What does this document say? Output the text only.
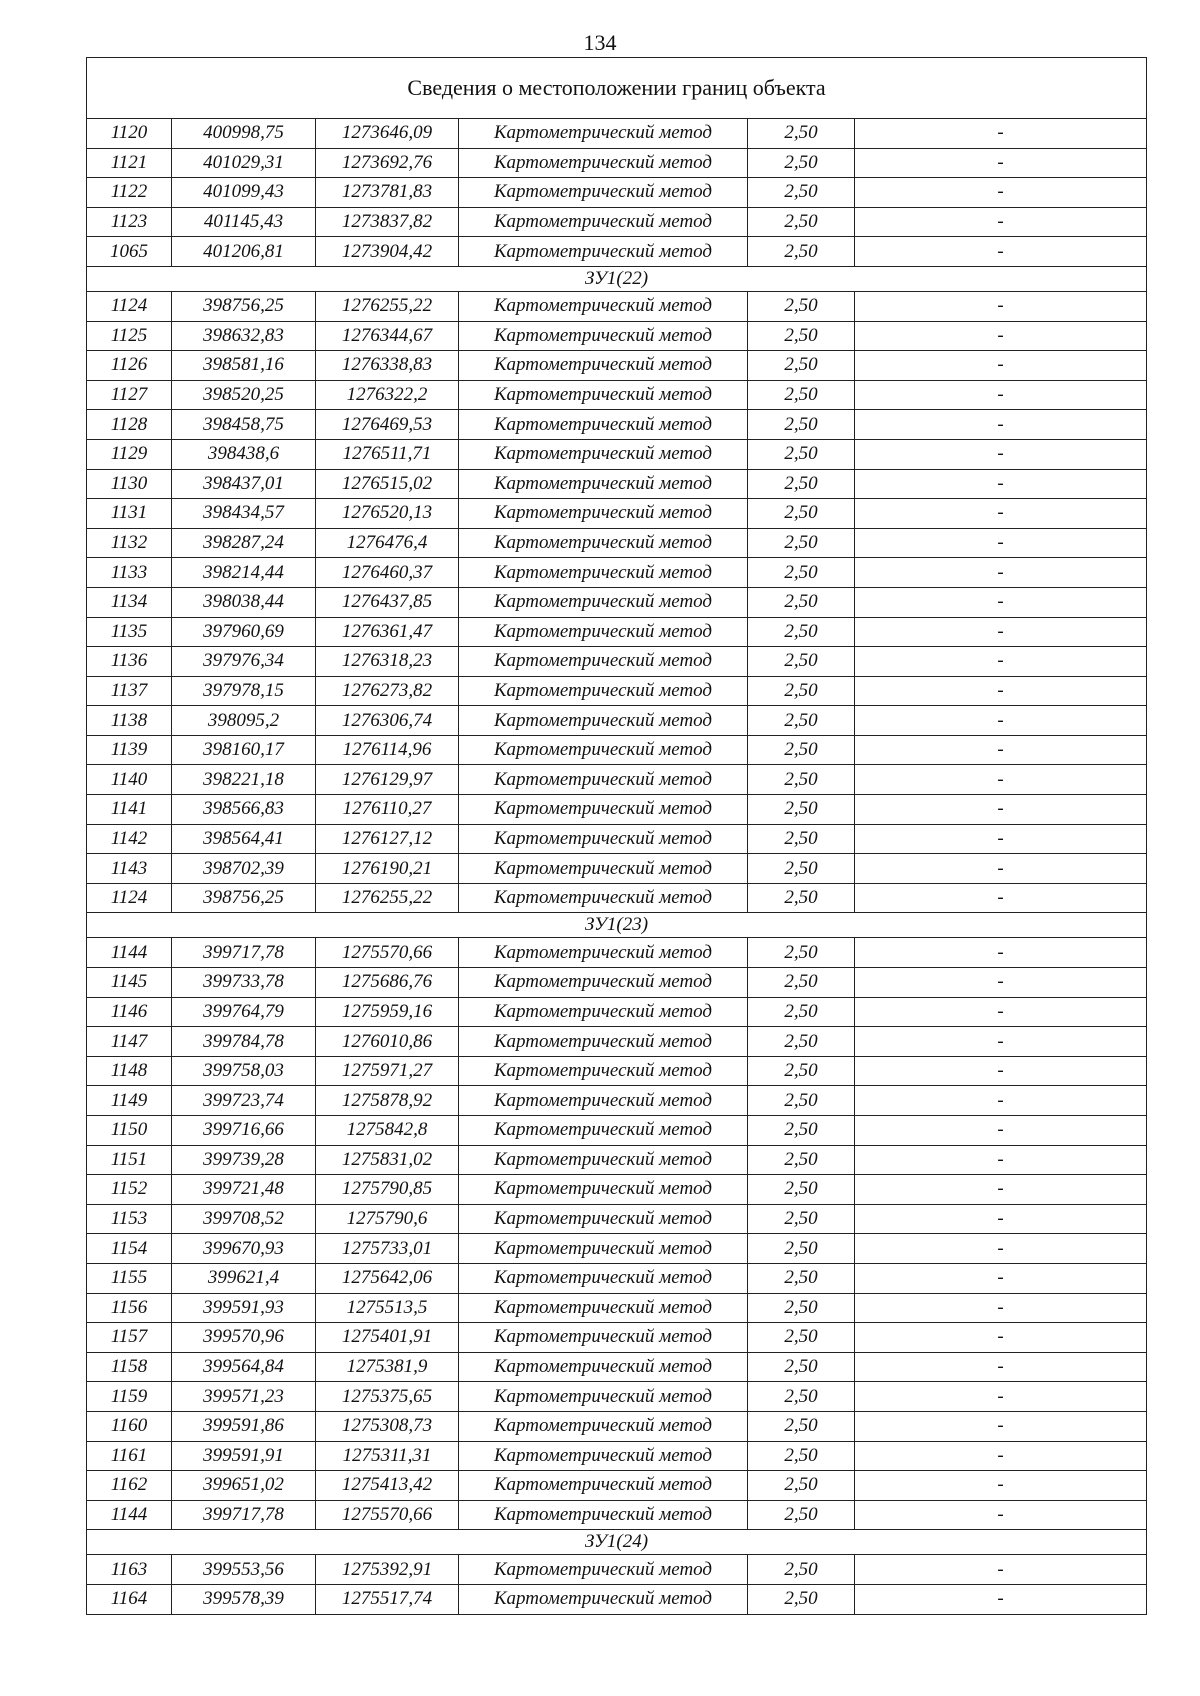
134
Сведения о местоположении границ объекта					
1120	400998,75	1273646,09	Картометрический метод	2,50	-
1121	401029,31	1273692,76	Картометрический метод	2,50	-
1122	401099,43	1273781,83	Картометрический метод	2,50	-
1123	401145,43	1273837,82	Картометрический метод	2,50	-
1065	401206,81	1273904,42	Картометрический метод	2,50	-
ЗУ1(22)					
1124	398756,25	1276255,22	Картометрический метод	2,50	-
1125	398632,83	1276344,67	Картометрический метод	2,50	-
1126	398581,16	1276338,83	Картометрический метод	2,50	-
1127	398520,25	1276322,2	Картометрический метод	2,50	-
1128	398458,75	1276469,53	Картометрический метод	2,50	-
1129	398438,6	1276511,71	Картометрический метод	2,50	-
1130	398437,01	1276515,02	Картометрический метод	2,50	-
1131	398434,57	1276520,13	Картометрический метод	2,50	-
1132	398287,24	1276476,4	Картометрический метод	2,50	-
1133	398214,44	1276460,37	Картометрический метод	2,50	-
1134	398038,44	1276437,85	Картометрический метод	2,50	-
1135	397960,69	1276361,47	Картометрический метод	2,50	-
1136	397976,34	1276318,23	Картометрический метод	2,50	-
1137	397978,15	1276273,82	Картометрический метод	2,50	-
1138	398095,2	1276306,74	Картометрический метод	2,50	-
1139	398160,17	1276114,96	Картометрический метод	2,50	-
1140	398221,18	1276129,97	Картометрический метод	2,50	-
1141	398566,83	1276110,27	Картометрический метод	2,50	-
1142	398564,41	1276127,12	Картометрический метод	2,50	-
1143	398702,39	1276190,21	Картометрический метод	2,50	-
1124	398756,25	1276255,22	Картометрический метод	2,50	-
ЗУ1(23)					
1144	399717,78	1275570,66	Картометрический метод	2,50	-
1145	399733,78	1275686,76	Картометрический метод	2,50	-
1146	399764,79	1275959,16	Картометрический метод	2,50	-
1147	399784,78	1276010,86	Картометрический метод	2,50	-
1148	399758,03	1275971,27	Картометрический метод	2,50	-
1149	399723,74	1275878,92	Картометрический метод	2,50	-
1150	399716,66	1275842,8	Картометрический метод	2,50	-
1151	399739,28	1275831,02	Картометрический метод	2,50	-
1152	399721,48	1275790,85	Картометрический метод	2,50	-
1153	399708,52	1275790,6	Картометрический метод	2,50	-
1154	399670,93	1275733,01	Картометрический метод	2,50	-
1155	399621,4	1275642,06	Картометрический метод	2,50	-
1156	399591,93	1275513,5	Картометрический метод	2,50	-
1157	399570,96	1275401,91	Картометрический метод	2,50	-
1158	399564,84	1275381,9	Картометрический метод	2,50	-
1159	399571,23	1275375,65	Картометрический метод	2,50	-
1160	399591,86	1275308,73	Картометрический метод	2,50	-
1161	399591,91	1275311,31	Картометрический метод	2,50	-
1162	399651,02	1275413,42	Картометрический метод	2,50	-
1144	399717,78	1275570,66	Картометрический метод	2,50	-
ЗУ1(24)					
1163	399553,56	1275392,91	Картометрический метод	2,50	-
1164	399578,39	1275517,74	Картометрический метод	2,50	-
